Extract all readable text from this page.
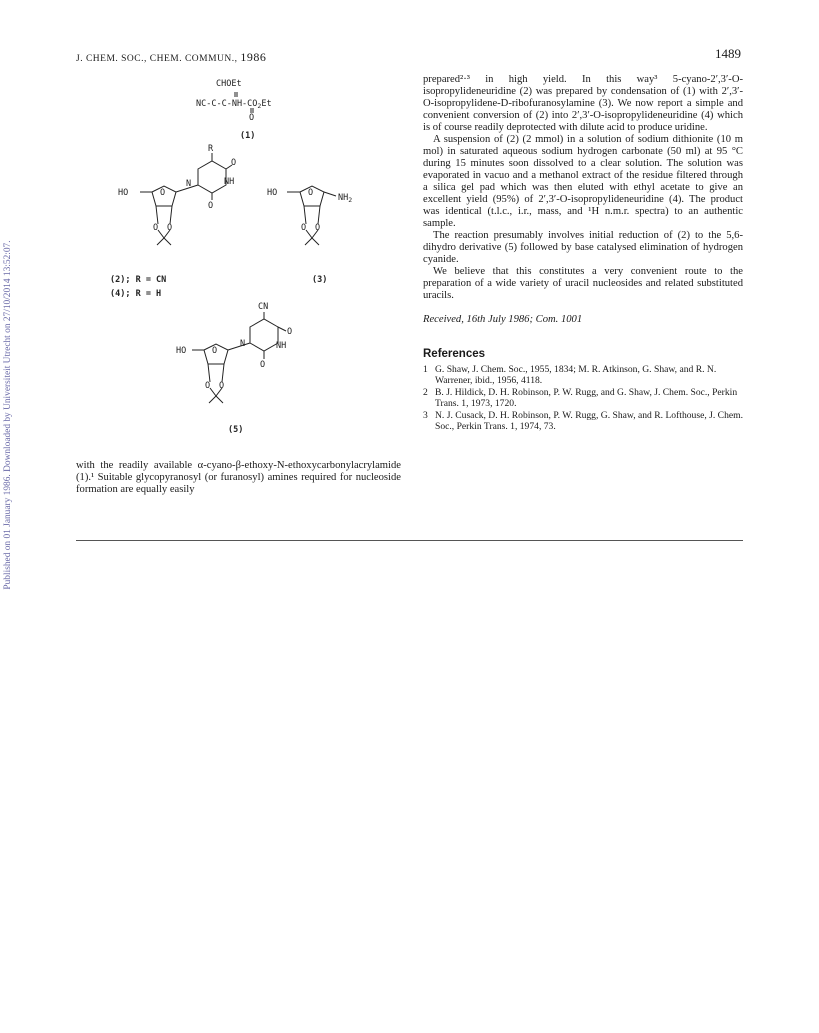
Published on 01 January 1986. Downloaded by Universiteit Utrecht on 27/10/2014 13:52:07.
J. CHEM. SOC., CHEM. COMMUN., 1986	1489
CHOEt
$NC-C-C-NH-CO_2Et$
O
(1)
R
O
NH
O
N
HO	O
O O
(2); R = CN
(4); R = H
HO	O	$NH_2$
O O
(3)
CN
O
NH
N
O
HO	O
O O
(5)
with the readily available α-cyano-β-ethoxy-N-ethoxycarbonylacrylamide (1).¹ Suitable glycopyranosyl (or furanosyl) amines required for nucleoside formation are equally easily

prepared²·³ in high yield. In this way³ 5-cyano-2′,3′-O-isopropylideneuridine (2) was prepared by condensation of (1) with 2′,3′-O-isopropylidene-D-ribofuranosylamine (3). We now report a simple and convenient conversion of (2) into 2′,3′-O-isopropylideneuridine (4) which is of course readily deprotected with dilute acid to produce uridine.

A suspension of (2) (2 mmol) in a solution of sodium dithionite (10 m mol) in saturated aqueous sodium hydrogen carbonate (50 ml) at 95 °C during 15 minutes soon dissolved to a clear solution. The solution was evaporated in vacuo and a methanol extract of the residue filtered through a silica gel pad which was then eluted with ethyl acetate to give an excellent yield (95%) of 2′,3′-O-isopropylideneuridine (4). The product was identical (t.l.c., i.r., mass, and ¹H n.m.r. spectra) to an authentic sample.

The reaction presumably involves initial reduction of (2) to the 5,6-dihydro derivative (5) followed by base catalysed elimination of hydrogen cyanide.

We believe that this constitutes a very convenient route to the preparation of a wide variety of uracil nucleosides and related substituted uracils.

Received, 16th July 1986; Com. 1001

References
1 G. Shaw, J. Chem. Soc., 1955, 1834; M. R. Atkinson, G. Shaw, and R. N. Warrener, ibid., 1956, 4118.
2 B. J. Hildick, D. H. Robinson, P. W. Rugg, and G. Shaw, J. Chem. Soc., Perkin Trans. 1, 1973, 1720.
3 N. J. Cusack, D. H. Robinson, P. W. Rugg, G. Shaw, and R. Lofthouse, J. Chem. Soc., Perkin Trans. 1, 1974, 73.
